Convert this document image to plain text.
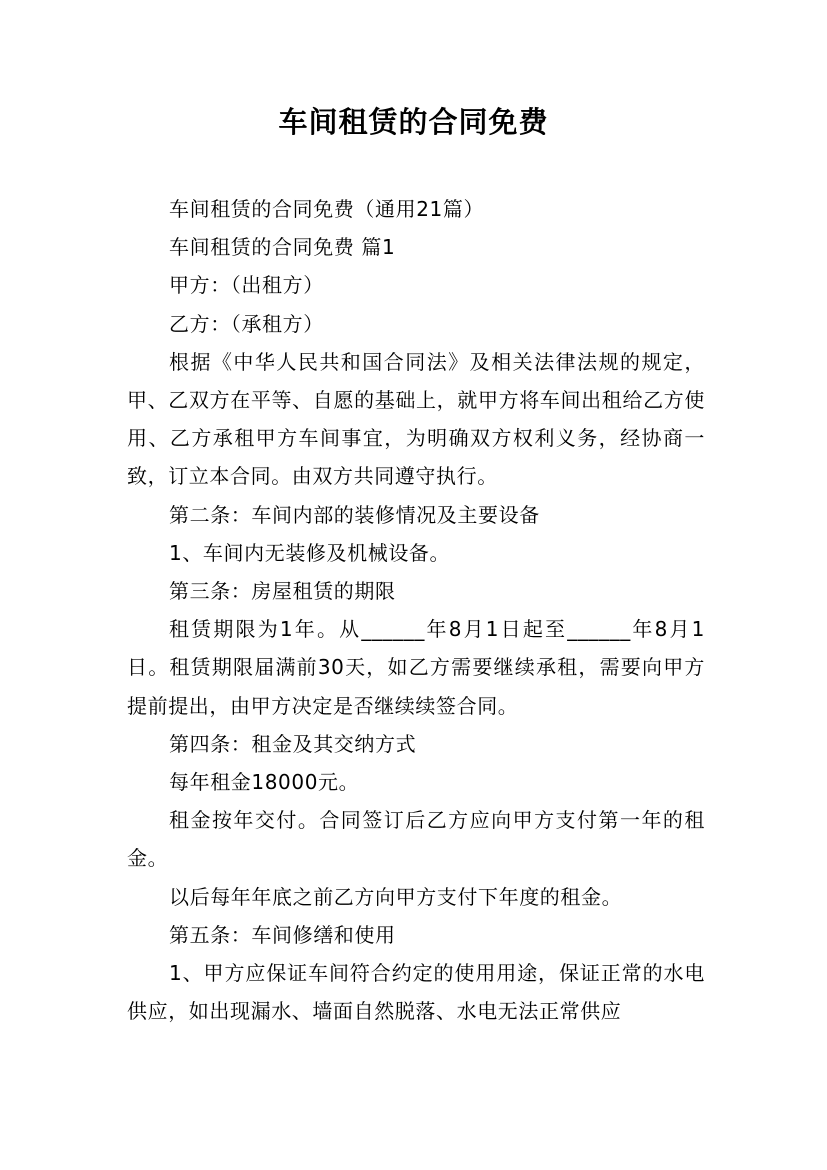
车间租赁的合同免费

车间租赁的合同免费（通用21篇）

车间租赁的合同免费 篇1

甲方：（出租方）

乙方：（承租方）

根据《中华人民共和国合同法》及相关法律法规的规定，甲、乙双方在平等、自愿的基础上，就甲方将车间出租给乙方使用、乙方承租甲方车间事宜，为明确双方权利义务，经协商一致，订立本合同。由双方共同遵守执行。

第二条：车间内部的装修情况及主要设备

1、车间内无装修及机械设备。

第三条：房屋租赁的期限

租赁期限为1年。从______年8月1日起至______年8月1日。租赁期限届满前30天，如乙方需要继续承租，需要向甲方提前提出，由甲方决定是否继续续签合同。

第四条：租金及其交纳方式

每年租金18000元。

租金按年交付。合同签订后乙方应向甲方支付第一年的租金。

以后每年年底之前乙方向甲方支付下年度的租金。

第五条：车间修缮和使用

1、甲方应保证车间符合约定的使用用途，保证正常的水电供应，如出现漏水、墙面自然脱落、水电无法正常供应
